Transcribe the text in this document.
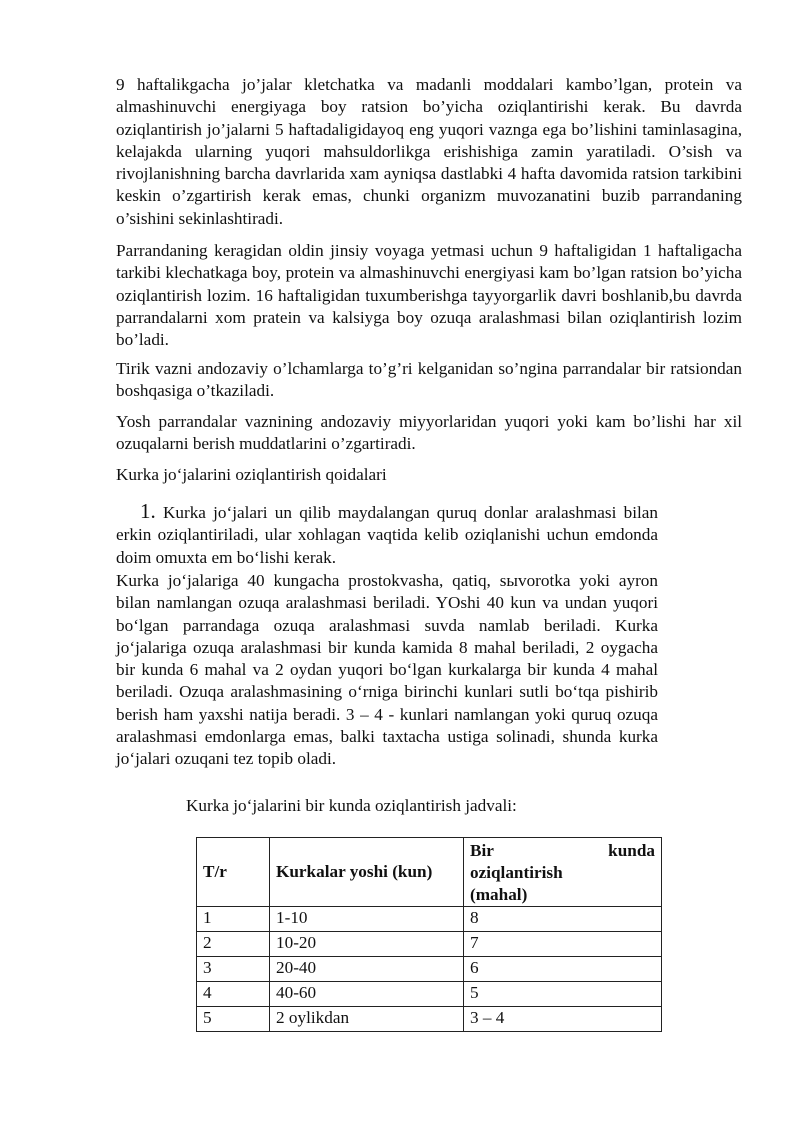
9 haftalikgacha jo’jalar kletchatka va madanli moddalari kambo’lgan, protein va almashinuvchi energiyaga boy ratsion bo’yicha oziqlantirishi kerak. Bu davrda oziqlantirish jo’jalarni 5 haftadaligidayoq eng yuqori vaznga ega bo’lishini taminlasagina, kelajakda ularning yuqori mahsuldorlikga erishishiga zamin yaratiladi. O’sish va rivojlanishning barcha davrlarida xam ayniqsa dastlabki 4 hafta davomida ratsion tarkibini keskin o’zgartirish kerak emas, chunki organizm muvozanatini buzib parrandaning o’sishini sekinlashtiradi.

Parrandaning keragidan oldin jinsiy voyaga yetmasi uchun 9 haftaligidan 1 haftaligacha tarkibi klechatkaga boy, protein va almashinuvchi energiyasi kam bo’lgan ratsion bo’yicha oziqlantirish lozim. 16 haftaligidan tuxumberishga tayyorgarlik davri boshlanib,bu davrda parrandalarni xom pratein va kalsiyga boy ozuqa aralashmasi bilan oziqlantirish lozim bo’ladi.

Tirik vazni andozaviy o’lchamlarga to’g’ri kelganidan so’ngina parrandalar bir ratsiondan boshqasiga o’tkaziladi.

Yosh parrandalar vaznining andozaviy miyyorlaridan yuqori yoki kam bo’lishi har xil ozuqalarni berish muddatlarini o’zgartiradi.

Kurka jo‘jalarini oziqlantirish qoidalari

1. Kurka jo‘jalari un qilib maydalangan quruq donlar aralashmasi bilan erkin oziqlantiriladi, ular xohlagan vaqtida kelib oziqlanishi uchun emdonda doim omuxta em bo‘lishi kerak.

Kurka jo‘jalariga 40 kungacha prostokvasha, qatiq, sыvorotka yoki ayron bilan namlangan ozuqa aralashmasi beriladi. YOshi 40 kun va undan yuqori bo‘lgan parrandaga ozuqa aralashmasi suvda namlab beriladi. Kurka jo‘jalariga ozuqa aralashmasi bir kunda kamida 8 mahal beriladi, 2 oygacha bir kunda 6 mahal va 2 oydan yuqori bo‘lgan kurkalarga bir kunda 4 mahal beriladi. Ozuqa aralashmasining o‘rniga birinchi kunlari sutli bo‘tqa pishirib berish ham yaxshi natija beradi. 3 – 4 - kunlari namlangan yoki quruq ozuqa aralashmasi emdonlarga emas, balki taxtacha ustiga solinadi, shunda kurka jo‘jalari ozuqani tez topib oladi.

Kurka jo‘jalarini bir kunda oziqlantirish jadvali:

T/r	Kurkalar yoshi (kun)	Bir kunda
oziqlantirish
(mahal)

1	1-10	8
2	10-20	7
3	20-40	6
4	40-60	5
5	2 oylikdan	3 – 4
